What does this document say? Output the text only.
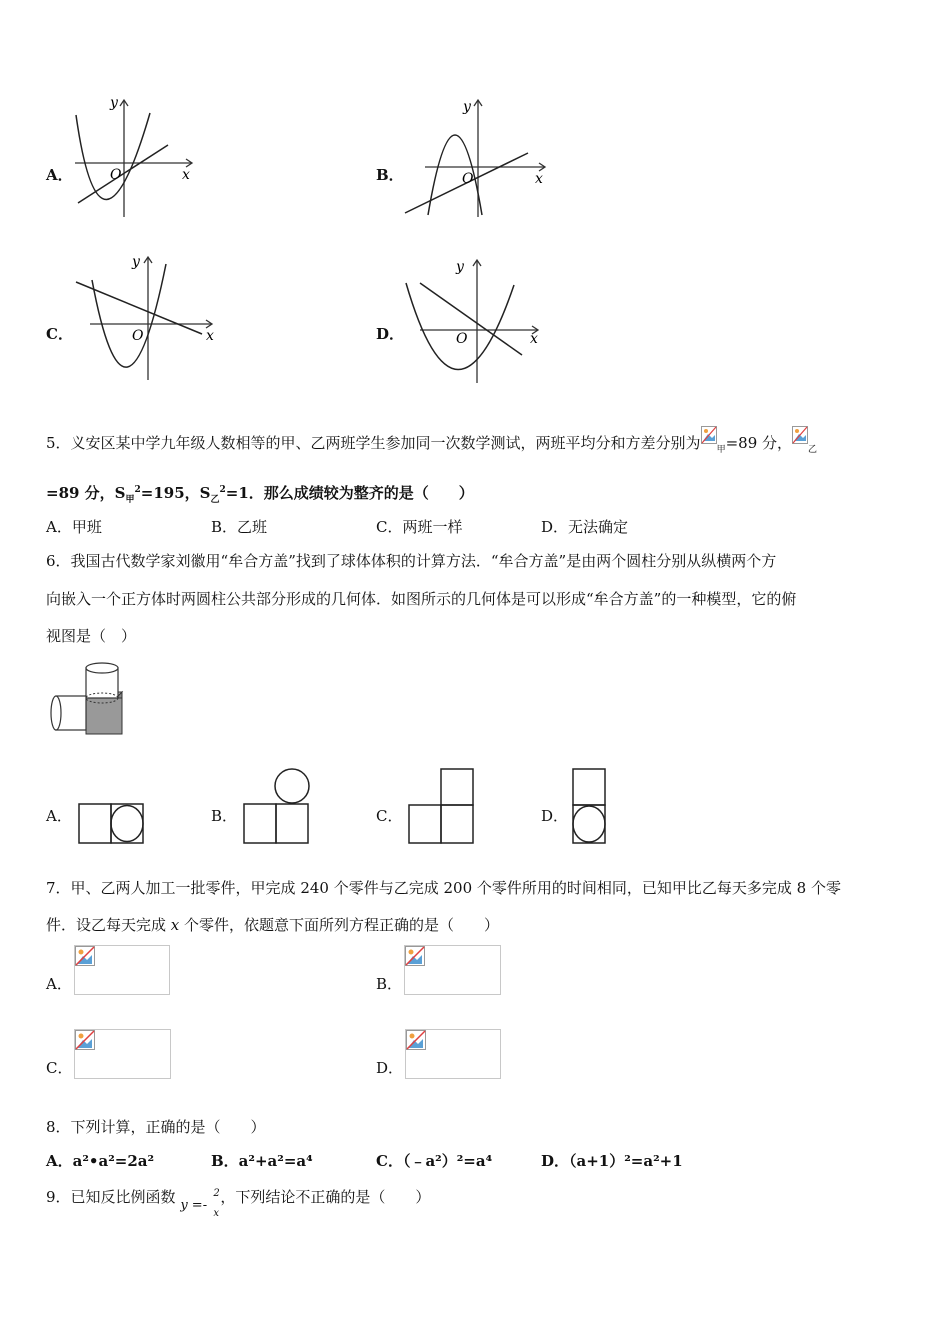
A．	x
y
O	B．	x
y
O
C．	x
y
O	D．	x
y
O
5．义安区某中学九年级人数相等的甲、乙两班学生参加同一次数学测试，两班平均分和方差分别为 $_甲$=89 分， $_乙$
=89 分，$S_甲^2=195$，$S_乙^2=1$．那么成绩较为整齐的是（　　）
A．甲班	B．乙班	C．两班一样	D．无法确定
6．我国古代数学家刘徽用“牟合方盖”找到了球体体积的计算方法．“牟合方盖”是由两个圆柱分别从纵横两个方
向嵌入一个正方体时两圆柱公共部分形成的几何体．如图所示的几何体是可以形成“牟合方盖”的一种模型，它的俯
视图是（　）
A．	B．	C．	D．
7．甲、乙两人加工一批零件，甲完成 240 个零件与乙完成 200 个零件所用的时间相同，已知甲比乙每天多完成 8 个零
件．设乙每天完成 x 个零件，依题意下面所列方程正确的是（　　）
A．	B．
C．	D．
8．下列计算，正确的是（　　）
A．a²•a²=2a²	B．a²+a²=a⁴	C．（﹣a²）²=a⁴	D．（a+1）²=a²+1
9．已知反比例函数 y =-
2
x
，下列结论不正确的是（　　）
